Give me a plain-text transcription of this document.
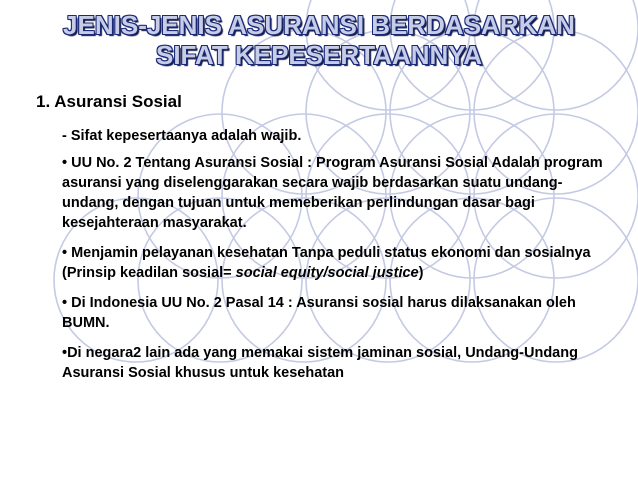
JENIS-JENIS ASURANSI BERDASARKAN
SIFAT KEPESERTAANNYA
1. Asuransi Sosial

- Sifat kepesertaanya adalah wajib.

• UU No. 2 Tentang Asuransi Sosial : Program Asuransi Sosial Adalah program asuransi yang diselenggarakan secara wajib berdasarkan suatu undang-undang, dengan tujuan untuk memeberikan perlindungan dasar bagi kesejahteraan masyarakat.

• Menjamin pelayanan kesehatan Tanpa peduli status ekonomi dan sosialnya (Prinsip keadilan sosial= social equity/social justice)

• Di Indonesia UU No. 2 Pasal 14 : Asuransi sosial harus dilaksanakan oleh BUMN.

•Di negara2 lain ada yang memakai sistem jaminan sosial, Undang-Undang Asuransi Sosial khusus untuk kesehatan
